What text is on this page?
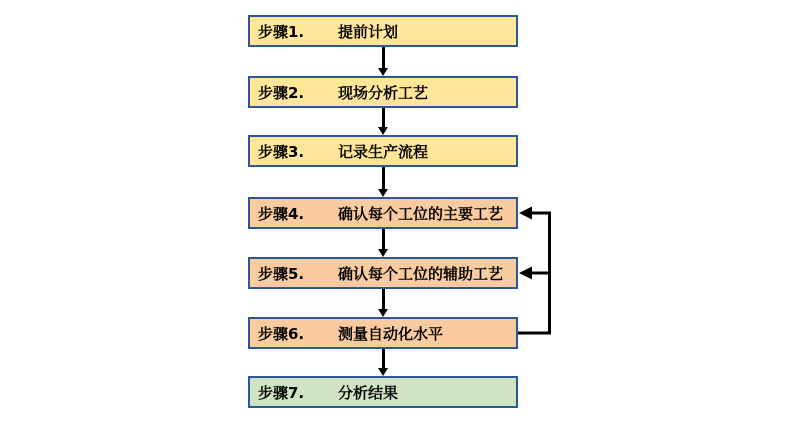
步骤1.	提前计划
步骤2.	现场分析工艺
步骤3.	记录生产流程
步骤4.	确认每个工位的主要工艺
步骤5.	确认每个工位的辅助工艺
步骤6.	测量自动化水平
步骤7.	分析结果
